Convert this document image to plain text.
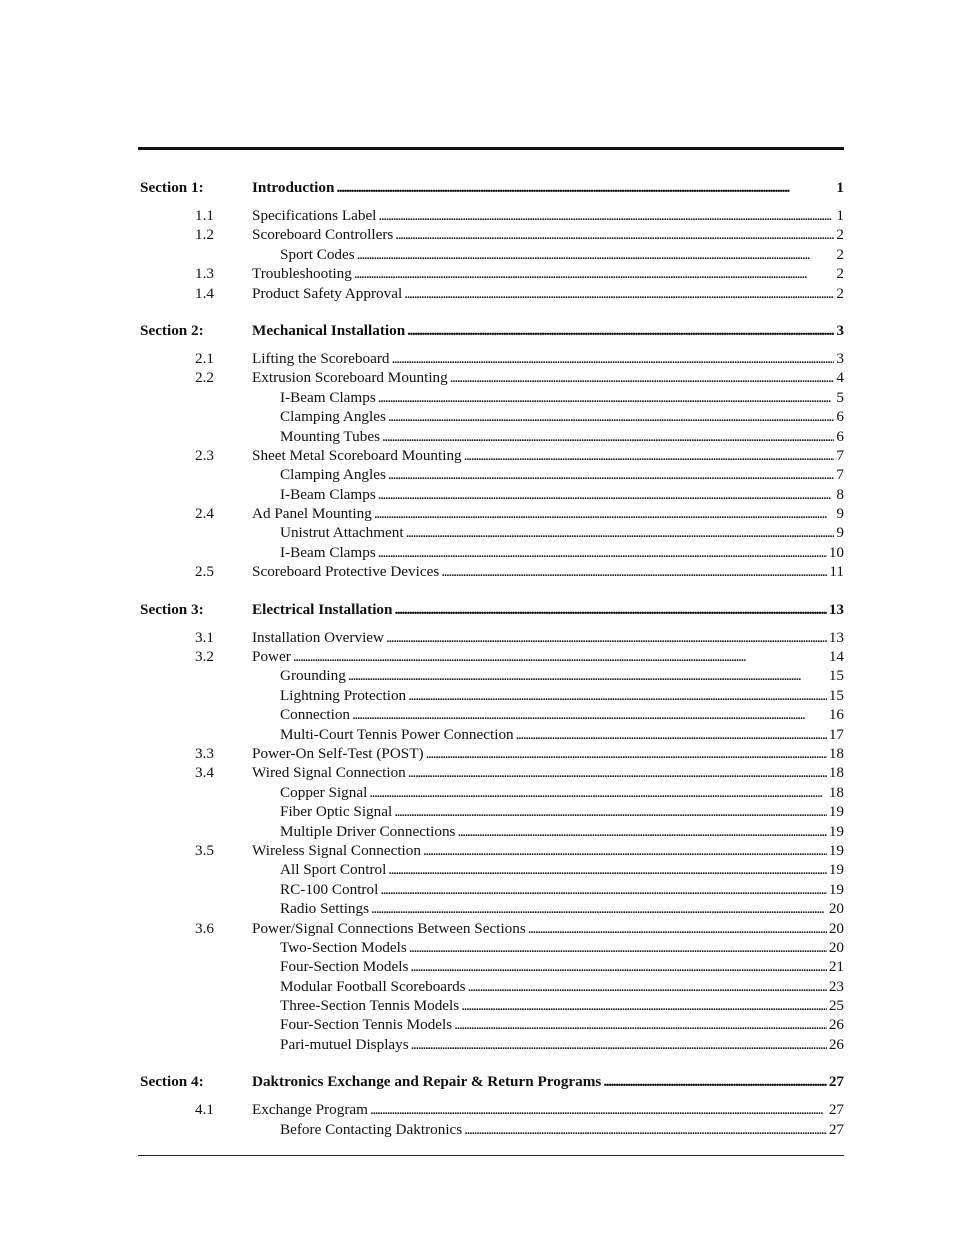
Section 1:	Introduction . . .	1
1.1	Specifications Label . . .	1
1.2	Scoreboard Controllers . . .	2
Sport Codes . . .	2
1.3	Troubleshooting . . .	2
1.4	Product Safety Approval . . .	2
Section 2:	Mechanical Installation . . .	3
2.1	Lifting the Scoreboard . . .	3
2.2	Extrusion Scoreboard Mounting . . .	4
I-Beam Clamps . . .	5
Clamping Angles . . .	6
Mounting Tubes . . .	6
2.3	Sheet Metal Scoreboard Mounting . . .	7
Clamping Angles . . .	7
I-Beam Clamps . . .	8
2.4	Ad Panel Mounting . . .	9
Unistrut Attachment . . .	9
I-Beam Clamps . . .	10
2.5	Scoreboard Protective Devices . . .	11
Section 3:	Electrical Installation . . .	13
3.1	Installation Overview . . .	13
3.2	Power . . .	14
Grounding . . .	15
Lightning Protection . . .	15
Connection . . .	16
Multi-Court Tennis Power Connection . . .	17
3.3	Power-On Self-Test (POST) . . .	18
3.4	Wired Signal Connection . . .	18
Copper Signal . . .	18
Fiber Optic Signal . . .	19
Multiple Driver Connections . . .	19
3.5	Wireless Signal Connection . . .	19
All Sport Control . . .	19
RC-100 Control . . .	19
Radio Settings . . .	20
3.6	Power/Signal Connections Between Sections . . .	20
Two-Section Models . . .	20
Four-Section Models . . .	21
Modular Football Scoreboards . . .	23
Three-Section Tennis Models . . .	25
Four-Section Tennis Models . . .	26
Pari-mutuel Displays . . .	26
Section 4:	Daktronics Exchange and Repair & Return Programs . . .	27
4.1	Exchange Program . . .	27
Before Contacting Daktronics . . .	27
